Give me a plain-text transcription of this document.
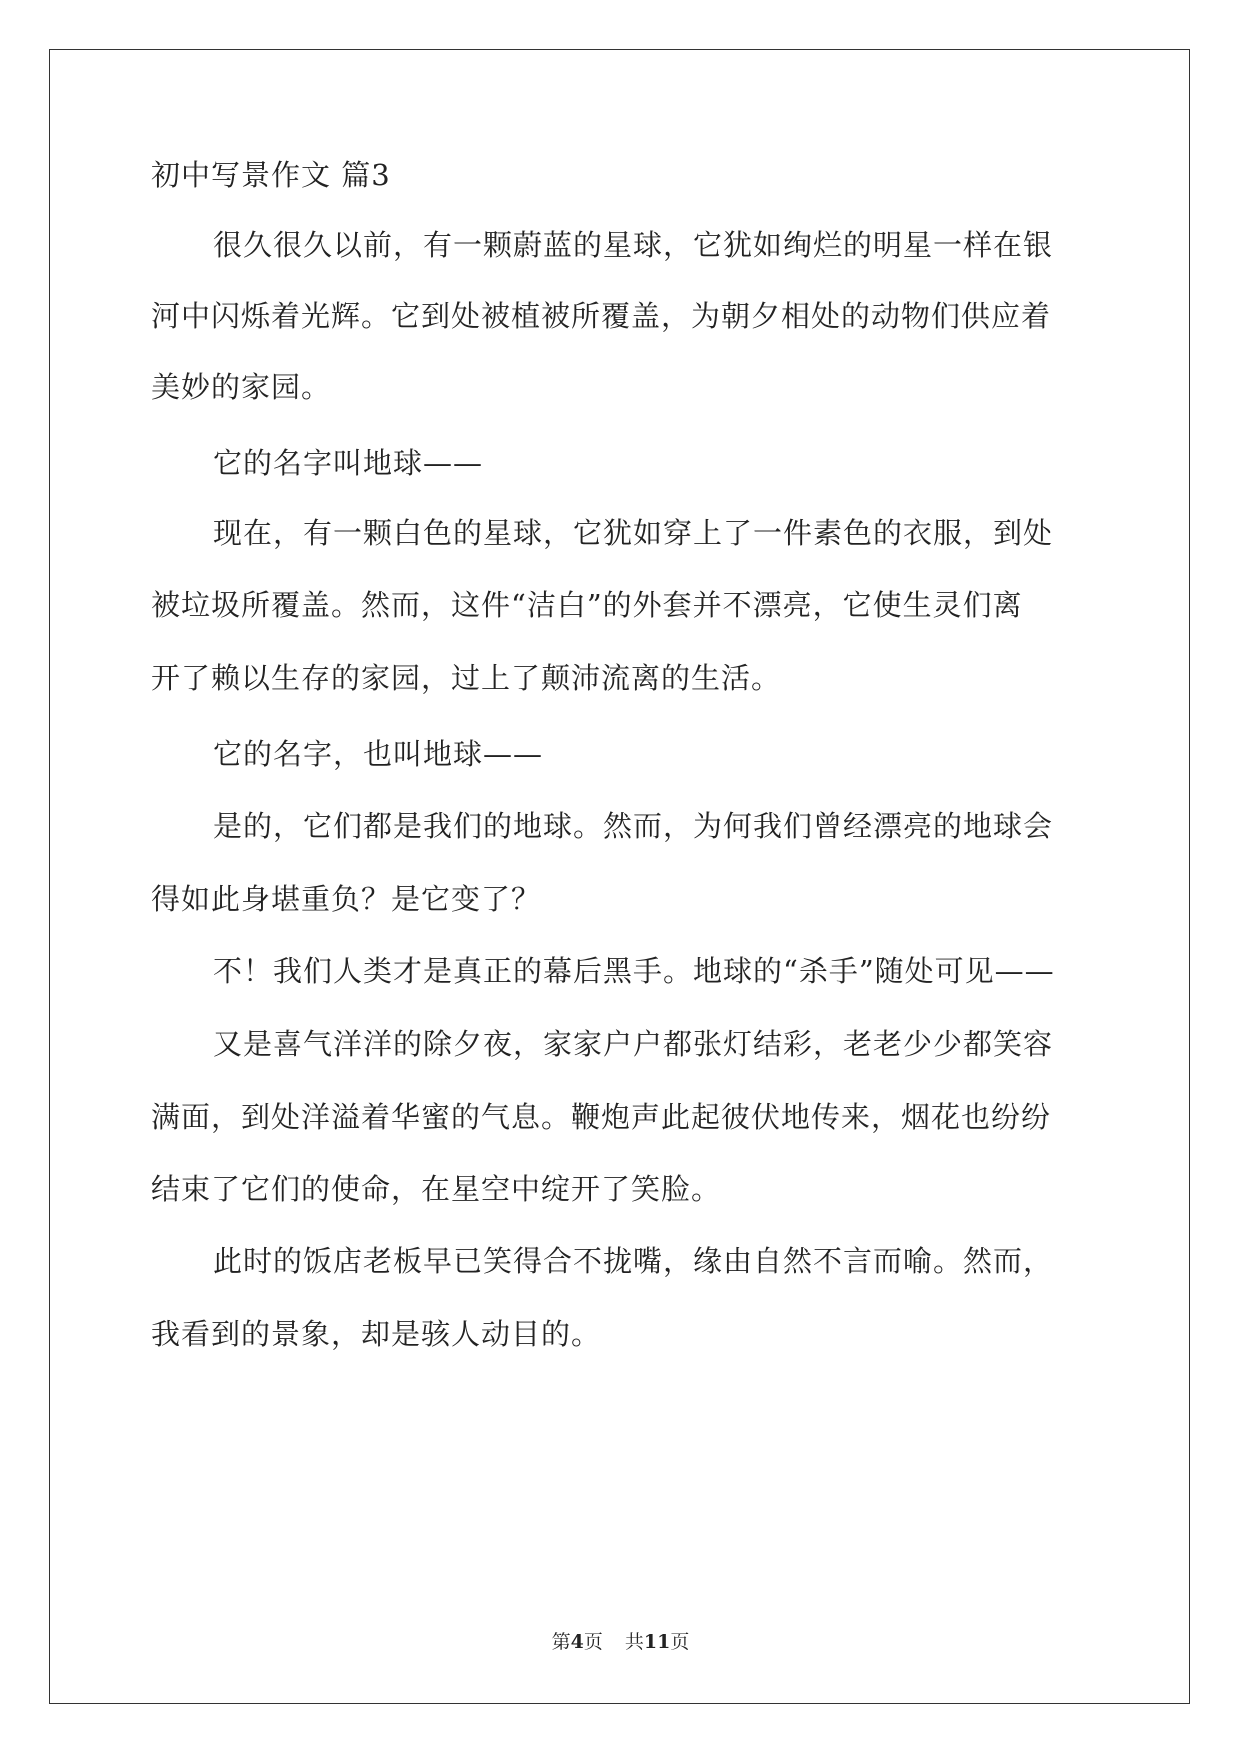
初中写景作文 篇3

很久很久以前，有一颗蔚蓝的星球，它犹如绚烂的明星一样在银

河中闪烁着光辉。它到处被植被所覆盖，为朝夕相处的动物们供应着

美妙的家园。

它的名字叫地球——

现在，有一颗白色的星球，它犹如穿上了一件素色的衣服，到处

被垃圾所覆盖。然而，这件“洁白”的外套并不漂亮，它使生灵们离

开了赖以生存的家园，过上了颠沛流离的生活。

它的名字，也叫地球——

是的，它们都是我们的地球。然而，为何我们曾经漂亮的地球会

得如此身堪重负？是它变了？

不！我们人类才是真正的幕后黑手。地球的“杀手”随处可见——

又是喜气洋洋的除夕夜，家家户户都张灯结彩，老老少少都笑容

满面，到处洋溢着华蜜的气息。鞭炮声此起彼伏地传来，烟花也纷纷

结束了它们的使命，在星空中绽开了笑脸。

此时的饭店老板早已笑得合不拢嘴，缘由自然不言而喻。然而，

我看到的景象，却是骇人动目的。

第4页 共11页
